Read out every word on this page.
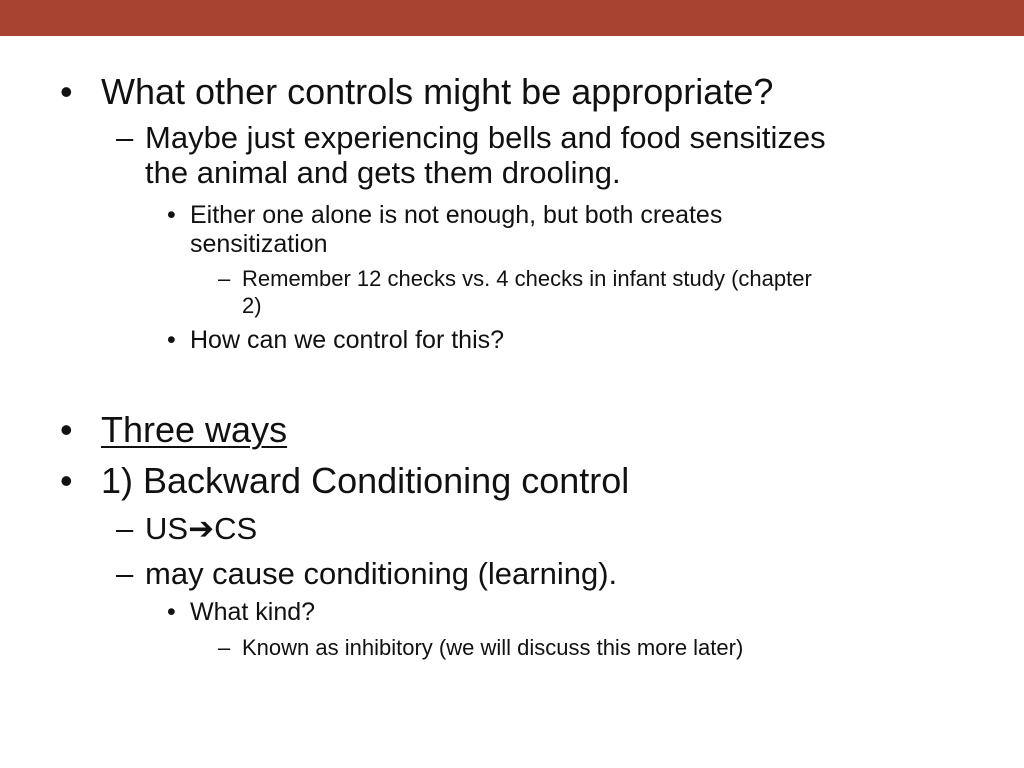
• What other controls might be appropriate?
– Maybe just experiencing bells and food sensitizes
the animal and gets them drooling.
• Either one alone is not enough, but both creates
sensitization
– Remember 12 checks vs. 4 checks in infant study (chapter
2)
• How can we control for this?
• Three ways
• 1) Backward Conditioning control
– US➔CS
– may cause conditioning (learning).
• What kind?
– Known as inhibitory (we will discuss this more later)
